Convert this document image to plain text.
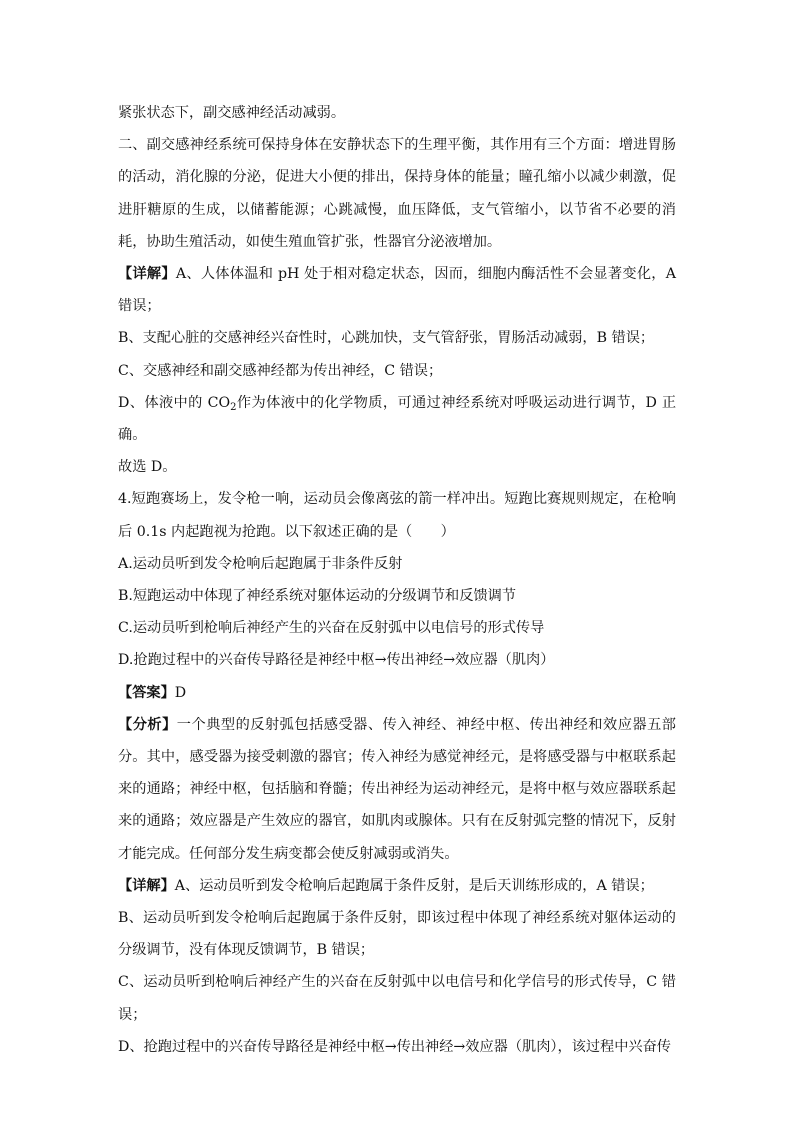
紧张状态下，副交感神经活动减弱。

二、副交感神经系统可保持身体在安静状态下的生理平衡，其作用有三个方面：增进胃肠的活动，消化腺的分泌，促进大小便的排出，保持身体的能量；瞳孔缩小以减少刺激，促进肝糖原的生成，以储蓄能源；心跳减慢，血压降低，支气管缩小，以节省不必要的消耗，协助生殖活动，如使生殖血管扩张，性器官分泌液增加。

【详解】A、人体体温和 pH 处于相对稳定状态，因而，细胞内酶活性不会显著变化，A 错误；

B、支配心脏的交感神经兴奋性时，心跳加快，支气管舒张，胃肠活动减弱，B 错误；

C、交感神经和副交感神经都为传出神经，C 错误；

D、体液中的 $CO_2$作为体液中的化学物质，可通过神经系统对呼吸运动进行调节，D 正确。

故选 D。

4.短跑赛场上，发令枪一响，运动员会像离弦的箭一样冲出。短跑比赛规则规定，在枪响后 0.1s 内起跑视为抢跑。以下叙述正确的是（　　）

A.运动员听到发令枪响后起跑属于非条件反射

B.短跑运动中体现了神经系统对躯体运动的分级调节和反馈调节

C.运动员听到枪响后神经产生的兴奋在反射弧中以电信号的形式传导

D.抢跑过程中的兴奋传导路径是神经中枢→传出神经→效应器（肌肉）

【答案】D

【分析】一个典型的反射弧包括感受器、传入神经、神经中枢、传出神经和效应器五部分。其中，感受器为接受刺激的器官；传入神经为感觉神经元，是将感受器与中枢联系起来的通路；神经中枢，包括脑和脊髓；传出神经为运动神经元，是将中枢与效应器联系起来的通路；效应器是产生效应的器官，如肌肉或腺体。只有在反射弧完整的情况下，反射才能完成。任何部分发生病变都会使反射减弱或消失。

【详解】A、运动员听到发令枪响后起跑属于条件反射，是后天训练形成的，A 错误；

B、运动员听到发令枪响后起跑属于条件反射，即该过程中体现了神经系统对躯体运动的分级调节，没有体现反馈调节，B 错误；

C、运动员听到枪响后神经产生的兴奋在反射弧中以电信号和化学信号的形式传导，C 错误；

D、抢跑过程中的兴奋传导路径是神经中枢→传出神经→效应器（肌肉），该过程中兴奋传
